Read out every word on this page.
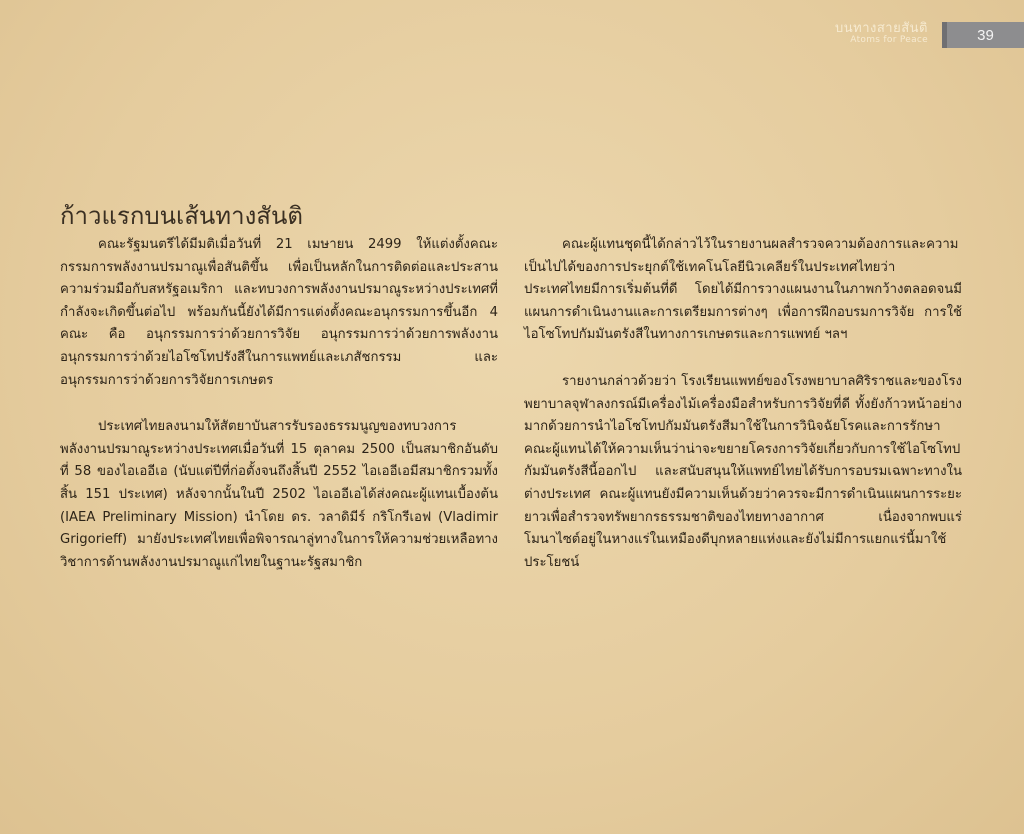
บนทางสายสันติ
Atoms for Peace	39
ก้าวแรกบนเส้นทางสันติ

คณะรัฐมนตรีได้มีมติเมื่อวันที่ 21 เมษายน 2499 ให้แต่งตั้งคณะกรรมการพลังงานปรมาณูเพื่อสันติขึ้น เพื่อเป็นหลักในการติดต่อและประสานความร่วมมือกับสหรัฐอเมริกา และทบวงการพลังงานปรมาณูระหว่างประเทศที่กำลังจะเกิดขึ้นต่อไป พร้อมกันนี้ยังได้มีการแต่งตั้งคณะอนุกรรมการขึ้นอีก 4 คณะ คือ อนุกรรมการว่าด้วยการวิจัย อนุกรรมการว่าด้วยการพลังงาน อนุกรรมการว่าด้วยไอโซโทปรังสีในการแพทย์และเภสัชกรรม และอนุกรรมการว่าด้วยการวิจัยการเกษตร

ประเทศไทยลงนามให้สัตยาบันสารรับรองธรรมนูญของทบวงการพลังงานปรมาณูระหว่างประเทศเมื่อวันที่ 15 ตุลาคม 2500 เป็นสมาชิกอันดับที่ 58 ของไอเออีเอ (นับแต่ปีที่ก่อตั้งจนถึงสิ้นปี 2552 ไอเออีเอมีสมาชิกรวมทั้งสิ้น 151 ประเทศ) หลังจากนั้นในปี 2502 ไอเออีเอได้ส่งคณะผู้แทนเบื้องต้น (IAEA Preliminary Mission) นำโดย ดร. วลาดิมีร์ กริโกรีเอฟ (Vladimir Grigorieff) มายังประเทศไทยเพื่อพิจารณาลู่ทางในการให้ความช่วยเหลือทางวิชาการด้านพลังงานปรมาณูแก่ไทยในฐานะรัฐสมาชิก

คณะผู้แทนชุดนี้ได้กล่าวไว้ในรายงานผลสำรวจความต้องการและความเป็นไปได้ของการประยุกต์ใช้เทคโนโลยีนิวเคลียร์ในประเทศไทยว่า ประเทศไทยมีการเริ่มต้นที่ดี โดยได้มีการวางแผนงานในภาพกว้างตลอดจนมีแผนการดำเนินงานและการเตรียมการต่างๆ เพื่อการฝึกอบรมการวิจัย การใช้ไอโซโทปกัมมันตรังสีในทางการเกษตรและการแพทย์ ฯลฯ

รายงานกล่าวด้วยว่า โรงเรียนแพทย์ของโรงพยาบาลศิริราชและของโรงพยาบาลจุฬาลงกรณ์มีเครื่องไม้เครื่องมือสำหรับการวิจัยที่ดี ทั้งยังก้าวหน้าอย่างมากด้วยการนำไอโซโทปกัมมันตรังสีมาใช้ในการวินิจฉัยโรคและการรักษา คณะผู้แทนได้ให้ความเห็นว่าน่าจะขยายโครงการวิจัยเกี่ยวกับการใช้ไอโซโทปกัมมันตรังสีนี้ออกไป และสนับสนุนให้แพทย์ไทยได้รับการอบรมเฉพาะทางในต่างประเทศ คณะผู้แทนยังมีความเห็นด้วยว่าควรจะมีการดำเนินแผนการระยะยาวเพื่อสำรวจทรัพยากรธรรมชาติของไทยทางอากาศ เนื่องจากพบแร่โมนาไซต์อยู่ในหางแร่ในเหมืองดีบุกหลายแห่งและยังไม่มีการแยกแร่นี้มาใช้ประโยชน์
